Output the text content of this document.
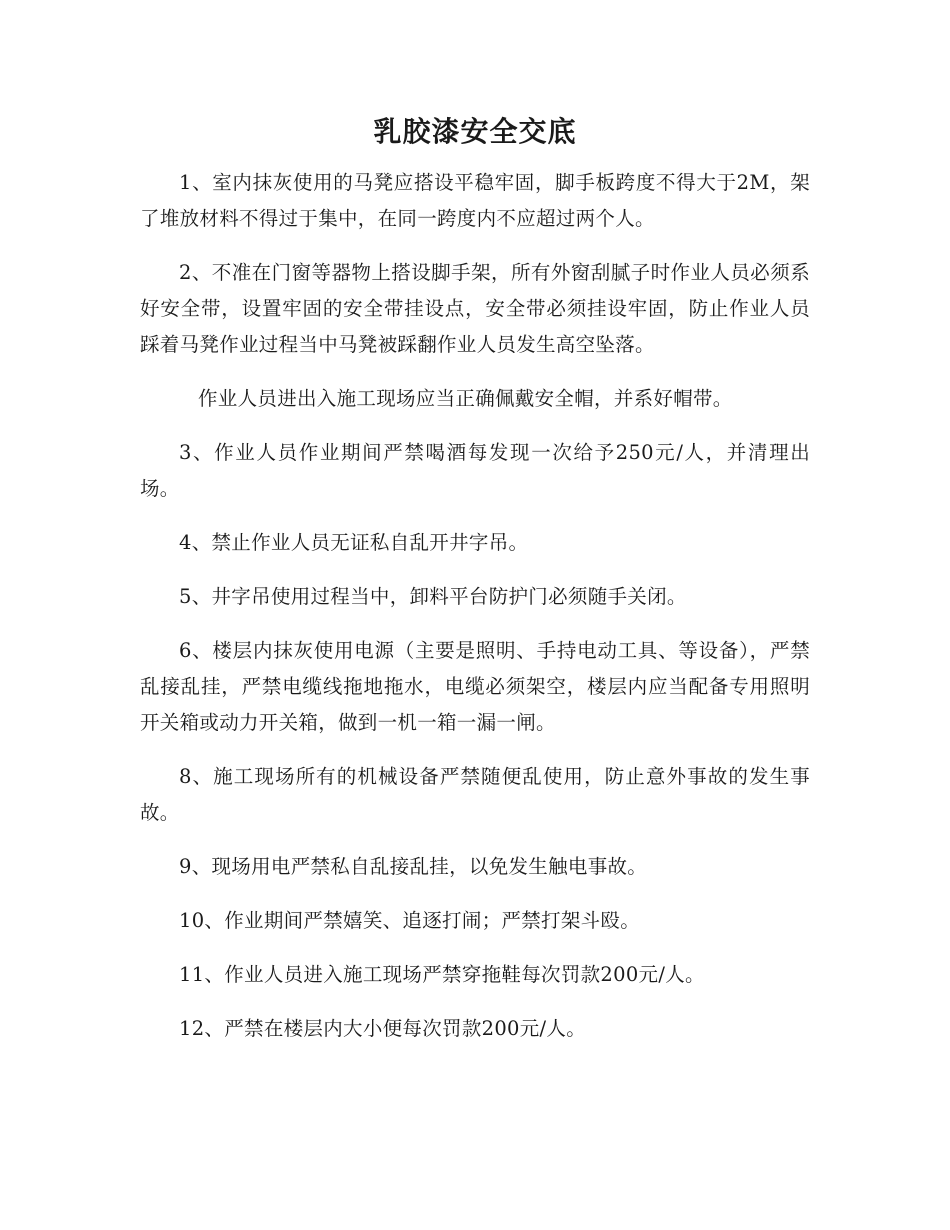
乳胶漆安全交底

1、室内抹灰使用的马凳应搭设平稳牢固，脚手板跨度不得大于2M，架了堆放材料不得过于集中，在同一跨度内不应超过两个人。

2、不准在门窗等器物上搭设脚手架，所有外窗刮腻子时作业人员必须系好安全带，设置牢固的安全带挂设点，安全带必须挂设牢固，防止作业人员踩着马凳作业过程当中马凳被踩翻作业人员发生高空坠落。

作业人员进出入施工现场应当正确佩戴安全帽，并系好帽带。

3、作业人员作业期间严禁喝酒每发现一次给予250元/人，并清理出场。

4、禁止作业人员无证私自乱开井字吊。

5、井字吊使用过程当中，卸料平台防护门必须随手关闭。

6、楼层内抹灰使用电源（主要是照明、手持电动工具、等设备），严禁乱接乱挂，严禁电缆线拖地拖水，电缆必须架空，楼层内应当配备专用照明开关箱或动力开关箱，做到一机一箱一漏一闸。

8、施工现场所有的机械设备严禁随便乱使用，防止意外事故的发生事故。

9、现场用电严禁私自乱接乱挂，以免发生触电事故。

10、作业期间严禁嬉笑、追逐打闹；严禁打架斗殴。

11、作业人员进入施工现场严禁穿拖鞋每次罚款200元/人。

12、严禁在楼层内大小便每次罚款200元/人。
